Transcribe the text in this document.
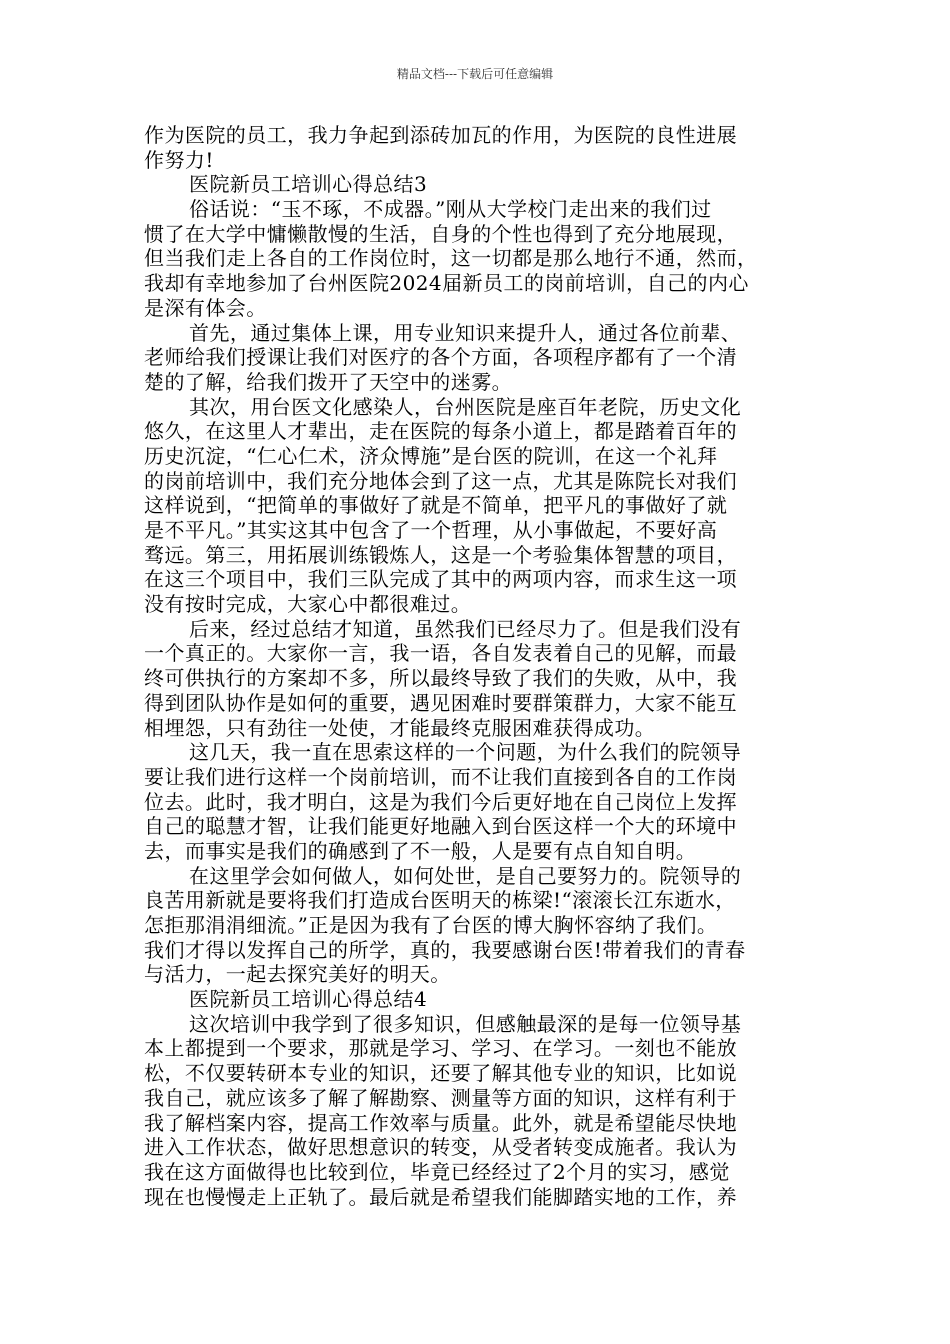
精品文档---下载后可任意编辑
作为医院的员工，我力争起到添砖加瓦的作用，为医院的良性进展
作努力!
医院新员工培训心得总结3
俗话说：“玉不琢，不成器。”刚从大学校门走出来的我们过
惯了在大学中慵懒散慢的生活，自身的个性也得到了充分地展现，
但当我们走上各自的工作岗位时，这一切都是那么地行不通，然而，
我却有幸地参加了台州医院2024届新员工的岗前培训，自己的内心
是深有体会。
首先，通过集体上课，用专业知识来提升人，通过各位前辈、
老师给我们授课让我们对医疗的各个方面，各项程序都有了一个清
楚的了解，给我们拨开了天空中的迷雾。
其次，用台医文化感染人，台州医院是座百年老院，历史文化
悠久，在这里人才辈出，走在医院的每条小道上，都是踏着百年的
历史沉淀，“仁心仁术，济众博施”是台医的院训，在这一个礼拜
的岗前培训中，我们充分地体会到了这一点，尤其是陈院长对我们
这样说到，“把简单的事做好了就是不简单，把平凡的事做好了就
是不平凡。”其实这其中包含了一个哲理，从小事做起，不要好高
骛远。第三，用拓展训练锻炼人，这是一个考验集体智慧的项目，
在这三个项目中，我们三队完成了其中的两项内容，而求生这一项
没有按时完成，大家心中都很难过。
后来，经过总结才知道，虽然我们已经尽力了。但是我们没有
一个真正的。大家你一言，我一语，各自发表着自己的见解，而最
终可供执行的方案却不多，所以最终导致了我们的失败，从中，我
得到团队协作是如何的重要，遇见困难时要群策群力，大家不能互
相埋怨，只有劲往一处使，才能最终克服困难获得成功。
这几天，我一直在思索这样的一个问题，为什么我们的院领导
要让我们进行这样一个岗前培训，而不让我们直接到各自的工作岗
位去。此时，我才明白，这是为我们今后更好地在自己岗位上发挥
自己的聪慧才智，让我们能更好地融入到台医这样一个大的环境中
去，而事实是我们的确感到了不一般，人是要有点自知自明。
在这里学会如何做人，如何处世，是自己要努力的。院领导的
良苦用新就是要将我们打造成台医明天的栋梁!“滚滚长江东逝水，
怎拒那涓涓细流。”正是因为我有了台医的博大胸怀容纳了我们。
我们才得以发挥自己的所学，真的，我要感谢台医!带着我们的青春
与活力，一起去探究美好的明天。
医院新员工培训心得总结4
这次培训中我学到了很多知识，但感触最深的是每一位领导基
本上都提到一个要求，那就是学习、学习、在学习。一刻也不能放
松，不仅要转研本专业的知识，还要了解其他专业的知识，比如说
我自己，就应该多了解了解勘察、测量等方面的知识，这样有利于
我了解档案内容，提高工作效率与质量。此外，就是希望能尽快地
进入工作状态，做好思想意识的转变，从受者转变成施者。我认为
我在这方面做得也比较到位，毕竟已经经过了2个月的实习，感觉
现在也慢慢走上正轨了。最后就是希望我们能脚踏实地的工作，养
